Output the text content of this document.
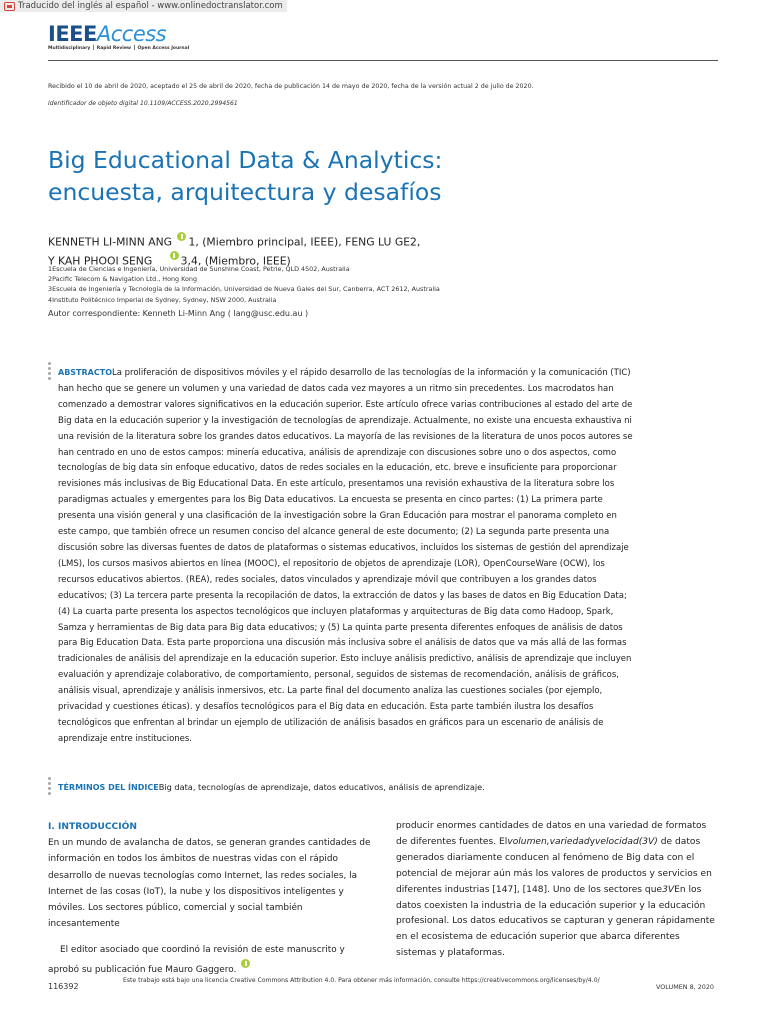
Traducido del inglés al español - www.onlinedoctranslator.com
IEEEAccess
Multidisciplinary ⎪ Rapid Review ⎪ Open Access Journal
Recibido el 10 de abril de 2020, aceptado el 25 de abril de 2020, fecha de publicación 14 de mayo de 2020, fecha de la versión actual 2 de julio de 2020.
Identificador de objeto digital 10.1109/ACCESS.2020.2994561
Big Educational Data & Analytics:
encuesta, arquitectura y desafíos
KENNETH LI-MINN ANG 1, (Miembro principal, IEEE), FENG LU GE2,
Y KAH PHOOI SENG	3,4, (Miembro, IEEE)
1Escuela de Ciencias e Ingeniería, Universidad de Sunshine Coast, Petrie, QLD 4502, Australia
2Pacific Telecom & Navigation Ltd., Hong Kong
3Escuela de Ingeniería y Tecnología de la Información, Universidad de Nueva Gales del Sur, Canberra, ACT 2612, Australia
4Instituto Politécnico Imperial de Sydney, Sydney, NSW 2000, Australia
Autor correspondiente: Kenneth Li-Minn Ang ( lang@usc.edu.au )
ABSTRACTOLa proliferación de dispositivos móviles y el rápido desarrollo de las tecnologías de la información y la comunicación (TIC) han hecho que se genere un volumen y una variedad de datos cada vez mayores a un ritmo sin precedentes. Los macrodatos han comenzado a demostrar valores significativos en la educación superior. Este artículo ofrece varias contribuciones al estado del arte de Big data en la educación superior y la investigación de tecnologías de aprendizaje. Actualmente, no existe una encuesta exhaustiva ni una revisión de la literatura sobre los grandes datos educativos. La mayoría de las revisiones de la literatura de unos pocos autores se han centrado en uno de estos campos: minería educativa, análisis de aprendizaje con discusiones sobre uno o dos aspectos, como tecnologías de big data sin enfoque educativo, datos de redes sociales en la educación, etc. breve e insuficiente para proporcionar revisiones más inclusivas de Big Educational Data. En este artículo, presentamos una revisión exhaustiva de la literatura sobre los paradigmas actuales y emergentes para los Big Data educativos. La encuesta se presenta en cinco partes: (1) La primera parte presenta una visión general y una clasificación de la investigación sobre la Gran Educación para mostrar el panorama completo en este campo, que también ofrece un resumen conciso del alcance general de este documento; (2) La segunda parte presenta una discusión sobre las diversas fuentes de datos de plataformas o sistemas educativos, incluidos los sistemas de gestión del aprendizaje (LMS), los cursos masivos abiertos en línea (MOOC), el repositorio de objetos de aprendizaje (LOR), OpenCourseWare (OCW), los recursos educativos abiertos. (REA), redes sociales, datos vinculados y aprendizaje móvil que contribuyen a los grandes datos educativos; (3) La tercera parte presenta la recopilación de datos, la extracción de datos y las bases de datos en Big Education Data; (4) La cuarta parte presenta los aspectos tecnológicos que incluyen plataformas y arquitecturas de Big data como Hadoop, Spark, Samza y herramientas de Big data para Big data educativos; y (5) La quinta parte presenta diferentes enfoques de análisis de datos para Big Education Data. Esta parte proporciona una discusión más inclusiva sobre el análisis de datos que va más allá de las formas tradicionales de análisis del aprendizaje en la educación superior. Esto incluye análisis predictivo, análisis de aprendizaje que incluyen evaluación y aprendizaje colaborativo, de comportamiento, personal, seguidos de sistemas de recomendación, análisis de gráficos, análisis visual, aprendizaje y análisis inmersivos, etc. La parte final del documento analiza las cuestiones sociales (por ejemplo, privacidad y cuestiones éticas). y desafíos tecnológicos para el Big data en educación. Esta parte también ilustra los desafíos tecnológicos que enfrentan al brindar un ejemplo de utilización de análisis basados en gráficos para un escenario de análisis de aprendizaje entre instituciones.
TÉRMINOS DEL ÍNDICEBig data, tecnologías de aprendizaje, datos educativos, análisis de aprendizaje.
I. INTRODUCCIÓN
En un mundo de avalancha de datos, se generan grandes cantidades de información en todos los ámbitos de nuestras vidas con el rápido desarrollo de nuevas tecnologías como Internet, las redes sociales, la Internet de las cosas (IoT), la nube y los dispositivos inteligentes y móviles. Los sectores público, comercial y social también incesantemente
El editor asociado que coordinó la revisión de este manuscrito y aprobó su publicación fue Mauro Gaggero.
producir enormes cantidades de datos en una variedad de formatos de diferentes fuentes. Elvolumen,variedadyvelocidad(3V) de datos generados diariamente conducen al fenómeno de Big data con el potencial de mejorar aún más los valores de productos y servicios en diferentes industrias [147], [148]. Uno de los sectores que3VEn los datos coexisten la industria de la educación superior y la educación profesional. Los datos educativos se capturan y generan rápidamente en el ecosistema de educación superior que abarca diferentes sistemas y plataformas.
116392
Este trabajo está bajo una licencia Creative Commons Attribution 4.0. Para obtener más información, consulte https://creativecommons.org/licenses/by/4.0/
VOLUMEN 8, 2020
